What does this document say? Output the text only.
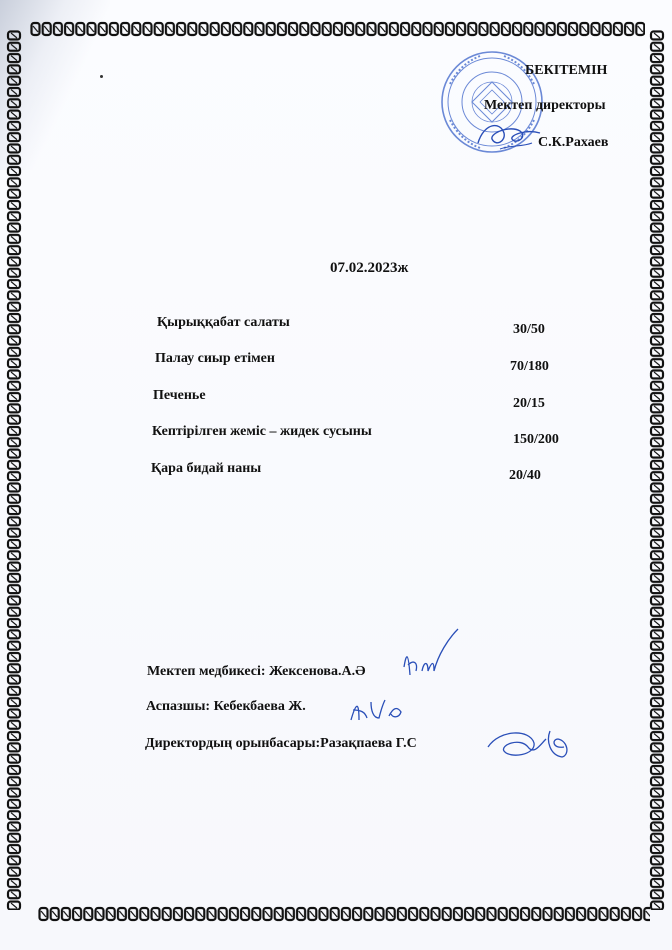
БЕКІТЕМІН
Мектеп директоры
С.К.Рахаев
07.02.2023ж
Қырыққабат салаты	30/50
Палау сиыр етімен
70/180
Печенье
20/15
Кептірілген жеміс – жидек сусыны
150/200
Қара бидай наны	20/40
Мектеп медбикесі: Жексенова.А.Ә
Аспазшы: Кебекбаева Ж.
Директордың орынбасары:Разақпаева Г.С
